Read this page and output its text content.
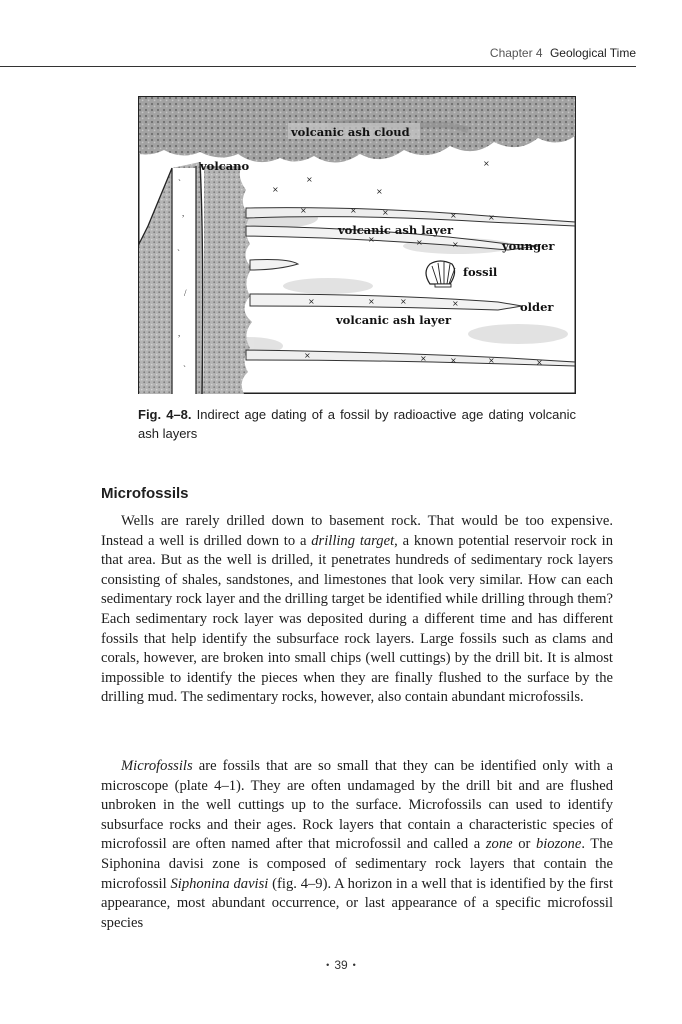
Chapter 4 Geological Time
`
,
`
/
,
`
×
×
×
×
×	×	×	×	×
×	×	×
×	×	×	×
×	×	×	×	×
volcanic ash cloud
volcano
volcanic ash layer
younger
fossil
older
volcanic ash layer
Fig. 4–8. Indirect age dating of a fossil by radioactive age dating volcanic ash layers
Microfossils

Wells are rarely drilled down to basement rock. That would be too expensive. Instead a well is drilled down to a drilling target, a known potential reservoir rock in that area. But as the well is drilled, it penetrates hundreds of sedimentary rock layers consisting of shales, sandstones, and limestones that look very similar. How can each sedimentary rock layer and the drilling target be identified while drilling through them? Each sedimentary rock layer was deposited during a different time and has different fossils that help identify the subsurface rock layers. Large fossils such as clams and corals, however, are broken into small chips (well cuttings) by the drill bit. It is almost impossible to identify the pieces when they are finally flushed to the surface by the drilling mud. The sedimentary rocks, however, also contain abundant microfossils.

Microfossils are fossils that are so small that they can be identified only with a microscope (plate 4–1). They are often undamaged by the drill bit and are flushed unbroken in the well cuttings up to the surface. Microfossils can used to identify subsurface rocks and their ages. Rock layers that contain a characteristic species of microfossil are often named after that microfossil and called a zone or biozone. The Siphonina davisi zone is composed of sedimentary rock layers that contain the microfossil Siphonina davisi (fig. 4–9). A horizon in a well that is identified by the first appearance, most abundant occurrence, or last appearance of a specific microfossil species

• 39 •
